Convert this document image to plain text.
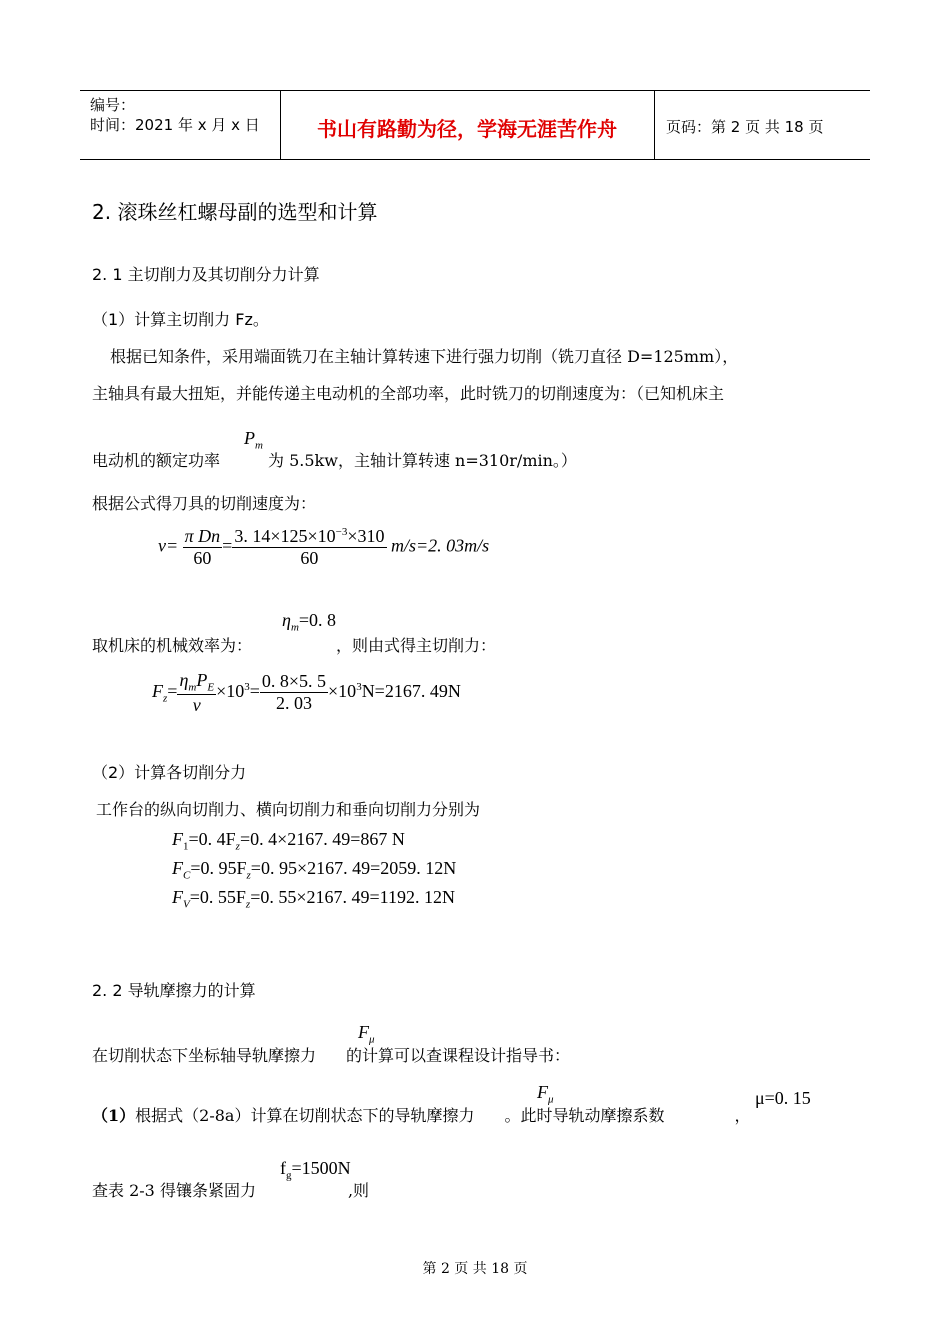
编号：
时间：2021 年 x 月 x 日	书山有路勤为径，学海无涯苦作舟	页码：第 2 页 共 18 页
2. 滚珠丝杠螺母副的选型和计算
2. 1 主切削力及其切削分力计算
（1）计算主切削力 Fz。
根据已知条件，采用端面铣刀在主轴计算转速下进行强力切削（铣刀直径 D=125mm），
主轴具有最大扭矩，并能传递主电动机的全部功率，此时铣刀的切削速度为：（已知机床主
电动机的额定功率	为 5.5kw，主轴计算转速 n=310r/min。）
$P_m$
根据公式得刀具的切削速度为：
$v= \frac{\text{π Dn}}{60} = \frac{3. 14\times 125\times 10^{-3}\times 310}{60} m/s=2$. 03m/s
取机床的机械效率为：	，则由式得主切削力：
$\eta_m=0$. 8
$F_z= \frac{\eta_mP_E}{v} \times 10^3= \frac{0. 8\times 5. 5}{2. 03} \times 10^3N=2167$. 49N
（2）计算各切削分力
工作台的纵向切削力、横向切削力和垂向切削力分别为
$F_1=0$. $4F_z=0$. 4×2167. 49=867 N
$F_C=0$. $95F_z=0$. 95×2167. 49=2059. 12N
$F_V=0$. $55F_z=0$. 55×2167. 49=1192. 12N
2. 2 导轨摩擦力的计算
在切削状态下坐标轴导轨摩擦力 的计算可以查课程设计指导书：
$F_\mu$
（1）根据式（2-8a）计算在切削状态下的导轨摩擦力 。此时导轨动摩擦系数	，
$F_\mu$	μ=0. 15
查表 2-3 得镶条紧固力	,则
$f_g=1500N$
第 2 页 共 18 页
